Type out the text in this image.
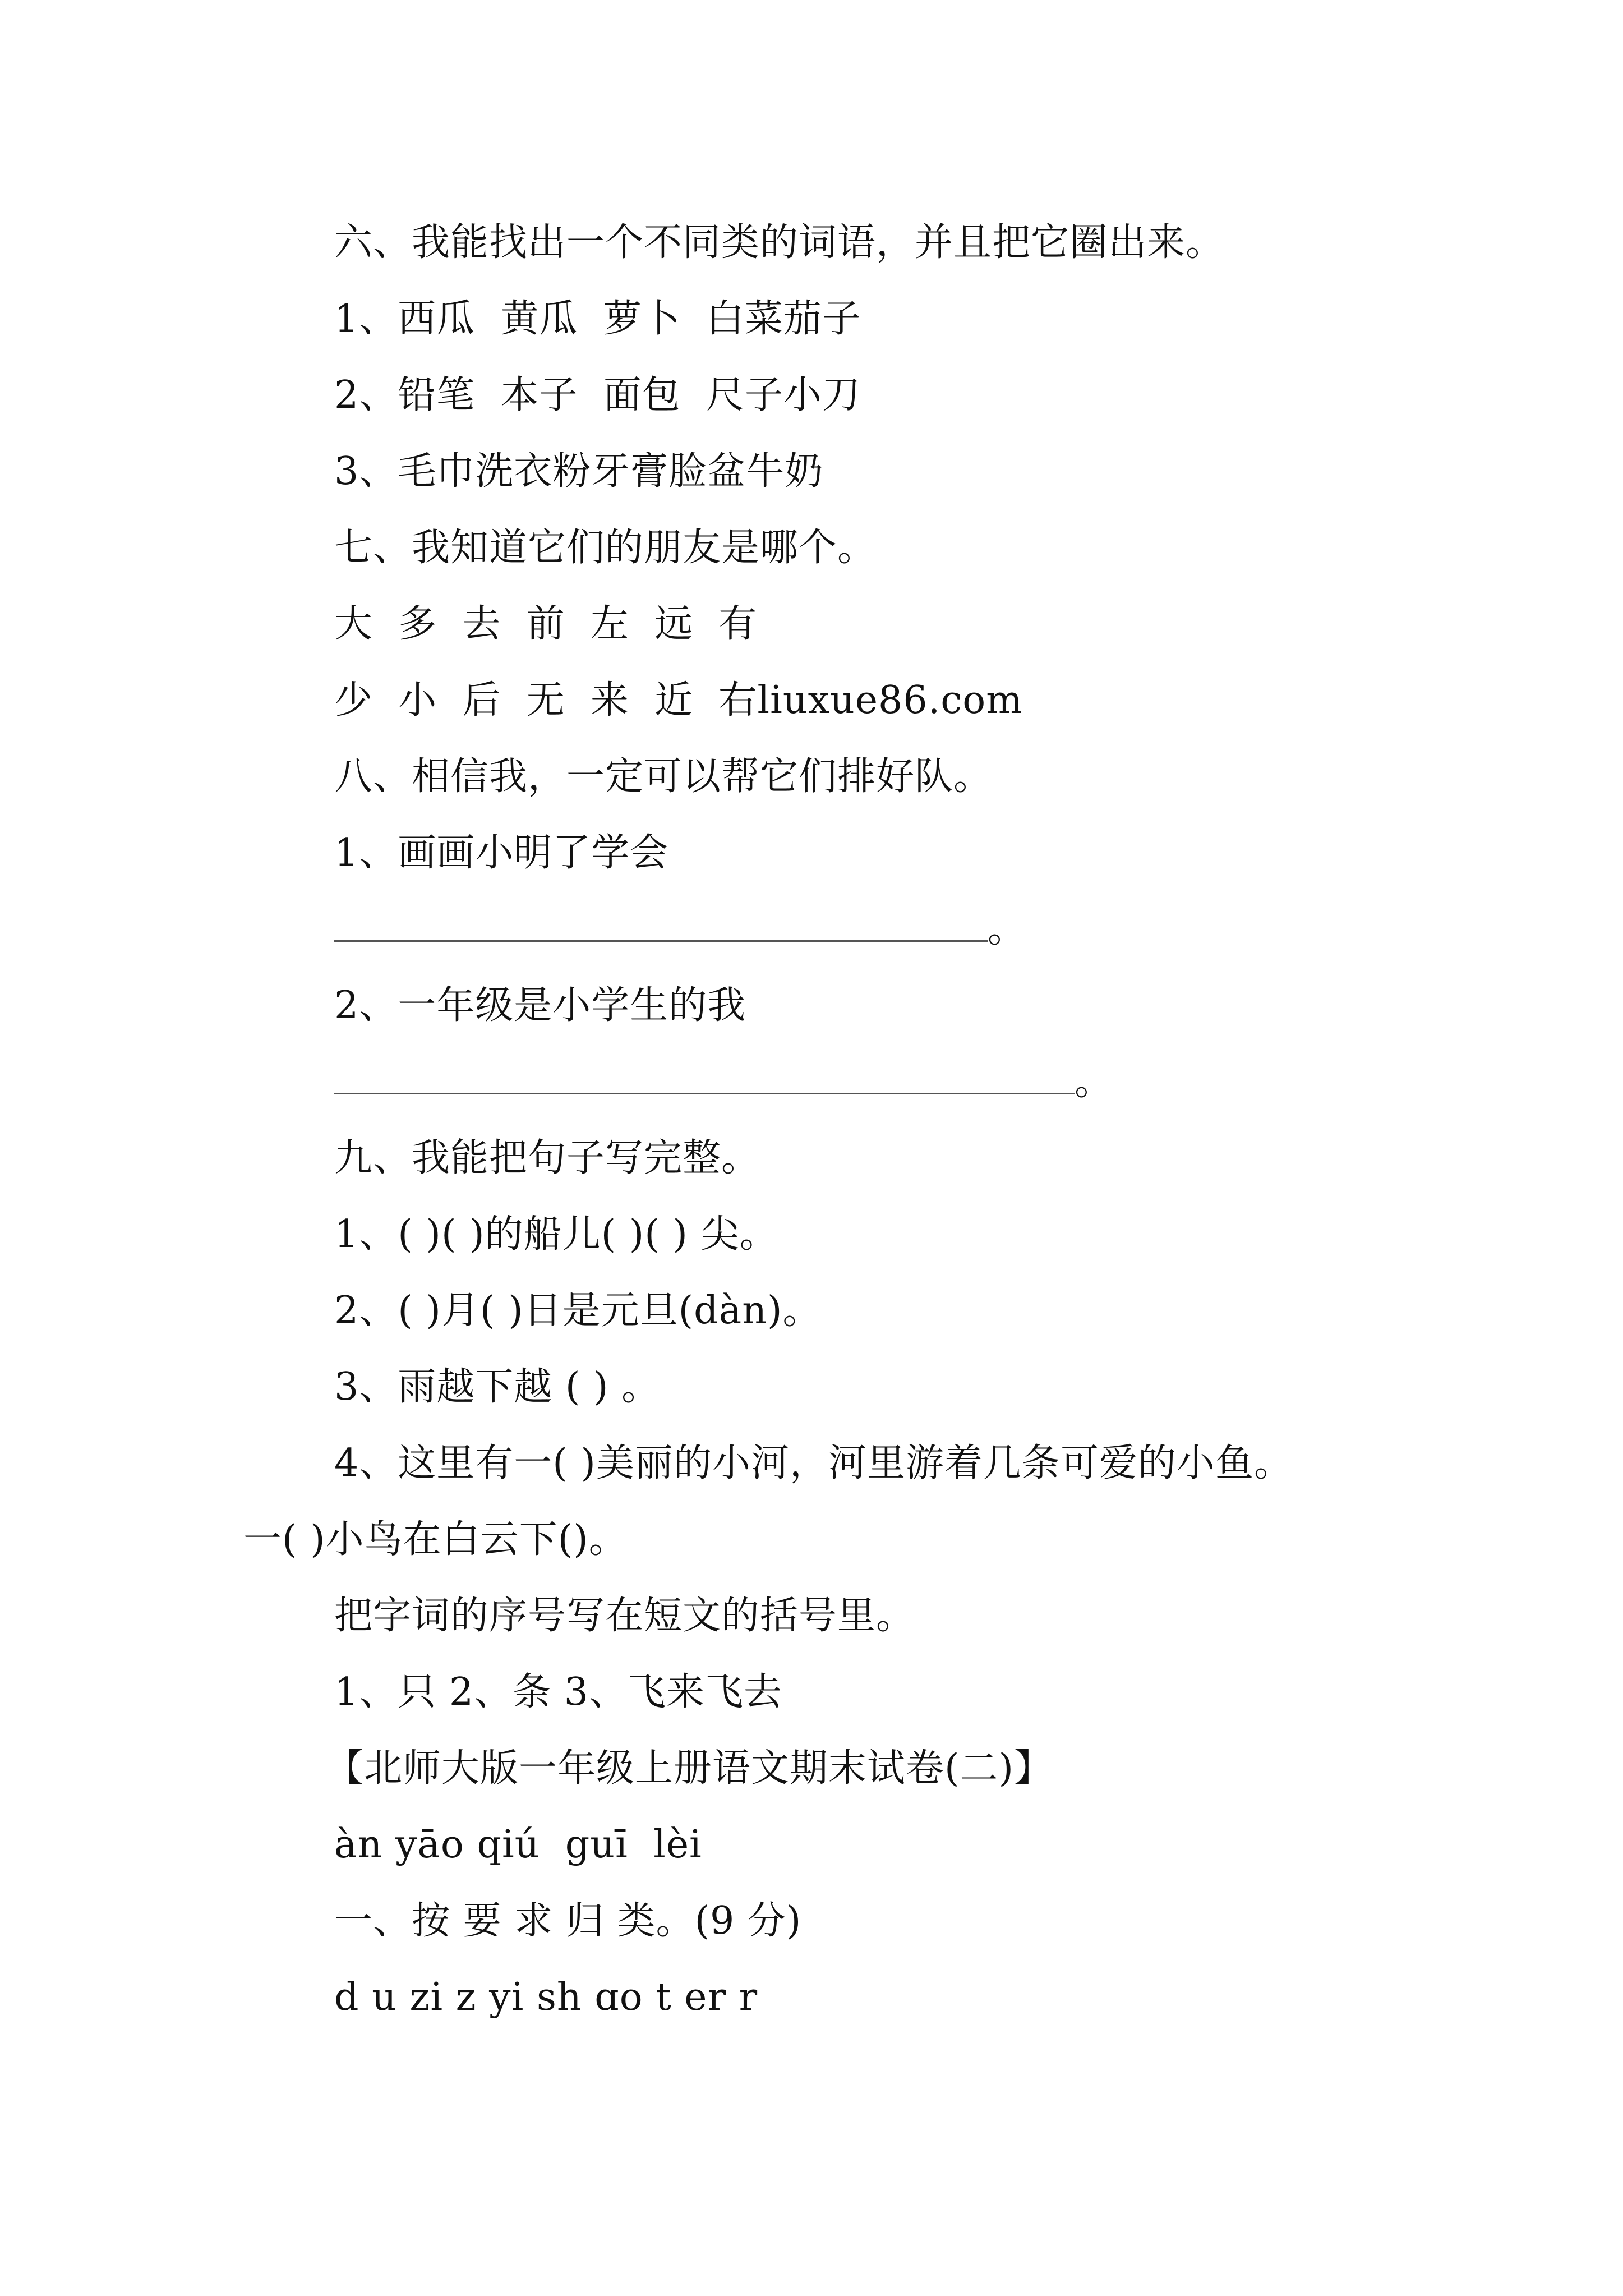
六、我能找出一个不同类的词语，并且把它圈出来。
1、西瓜  黄瓜  萝卜  白菜茄子
2、铅笔  本子  面包  尺子小刀
3、毛巾洗衣粉牙膏脸盆牛奶
七、我知道它们的朋友是哪个。
大  多  去  前  左  远  有
少  小  后  无  来  近  右liuxue86.com
八、相信我，一定可以帮它们排好队。
1、画画小明了学会
。
2、一年级是小学生的我
。
九、我能把句子写完整。
1、( )( )的船儿( )( ) 尖。
2、( )月( )日是元旦(dàn)。
3、雨越下越 ( ) 。
4、这里有一( )美丽的小河，河里游着几条可爱的小鱼。
一( )小鸟在白云下()。
把字词的序号写在短文的括号里。
1、只 2、条 3、飞来飞去
【北师大版一年级上册语文期末试卷(二)】
àn yāo qiú  guī  lèi
一、按 要 求 归 类。(9 分)
d u zi z yi sh ɑo t er r
